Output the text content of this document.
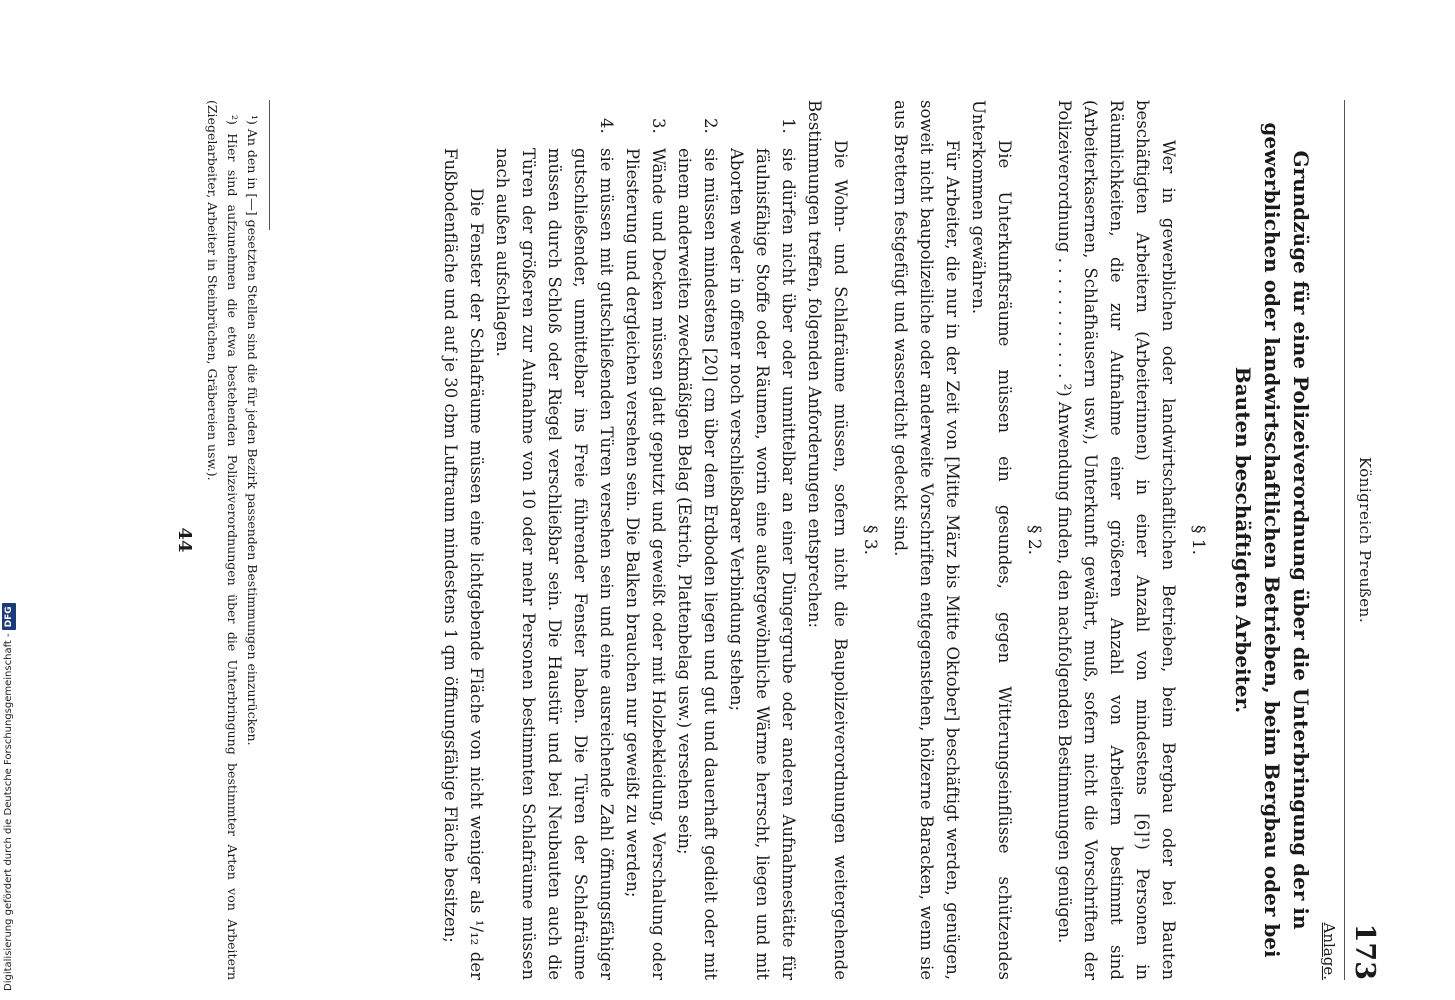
Königreich Preußen.
173
Anlage.
Grundzüge für eine Polizeiverordnung über die Unterbringung der in gewerblichen oder landwirtschaftlichen Betrieben, beim Bergbau oder bei Bauten beschäftigten Arbeiter.
§ 1.

Wer in gewerblichen oder landwirtschaftlichen Betrieben, beim Bergbau oder bei Bauten beschäftigten Arbeitern (Arbeiterinnen) in einer Anzahl von mindestens [6]¹) Personen in Räumlichkeiten, die zur Aufnahme einer größeren Anzahl von Arbeitern bestimmt sind (Arbeiterkasernen, Schlafhäusern usw.), Unterkunft gewährt, muß, sofern nicht die Vorschriften der Polizeiverordnung . . . . . . . . . . . . ²) Anwendung finden, den nachfolgenden Bestimmungen genügen.

§ 2.

Die Unterkunftsräume müssen ein gesundes, gegen Witterungseinflüsse schützendes Unterkommen gewähren.

Für Arbeiter, die nur in der Zeit von [Mitte März bis Mitte Oktober] beschäftigt werden, genügen, soweit nicht baupolizeiliche oder anderweite Vorschriften entgegenstehen, hölzerne Baracken, wenn sie aus Brettern festgefügt und wasserdicht gedeckt sind.

§ 3.

Die Wohn- und Schlafräume müssen, sofern nicht die Baupolizeiverordnungen weitergehende Bestimmungen treffen, folgenden Anforderungen entsprechen:

1.
sie dürfen nicht über oder unmittelbar an einer Düngergrube oder anderen Aufnahmestätte für fäulnisfähige Stoffe oder Räumen, worin eine außergewöhnliche Wärme herrscht, liegen und mit Aborten weder in offener noch verschließbarer Verbindung stehen;
2.
sie müssen mindestens [20] cm über dem Erdboden liegen und gut und dauerhaft gedielt oder mit einem anderweiten zweckmäßigen Belag (Estrich, Plattenbelag usw.) versehen sein;
3.
Wände und Decken müssen glatt geputzt und geweißt oder mit Holzbekleidung, Verschalung oder Pliesterung und dergleichen versehen sein. Die Balken brauchen nur geweißt zu werden;
4.
sie müssen mit gutschließenden Türen versehen sein und eine ausreichende Zahl öffnungsfähiger gutschließender, unmittelbar ins Freie führender Fenster haben. Die Türen der Schlafräume müssen durch Schloß oder Riegel verschließbar sein. Die Haustür und bei Neubauten auch die Türen der größeren zur Aufnahme von 10 oder mehr Personen bestimmten Schlafräume müssen nach außen aufschlagen.
Die Fenster der Schlafräume müssen eine lichtgebende Fläche von nicht weniger als ¹/₁₂ der Fußbodenfläche und auf je 30 cbm Luftraum mindestens 1 qm öffnungsfähige Fläche besitzen;

¹) An den in [—] gesetzten Stellen sind die für jeden Bezirk passenden Bestimmungen einzurücken.

²) Hier sind aufzunehmen die etwa bestehenden Polizeiverordnungen über die Unterbringung bestimmter Arten von Arbeitern (Ziegelarbeiter, Arbeiter in Steinbrüchen, Gräbereien usw.).

44
Digitalisierung gefördert durch die Deutsche Forschungsgemeinschaft -DFG
